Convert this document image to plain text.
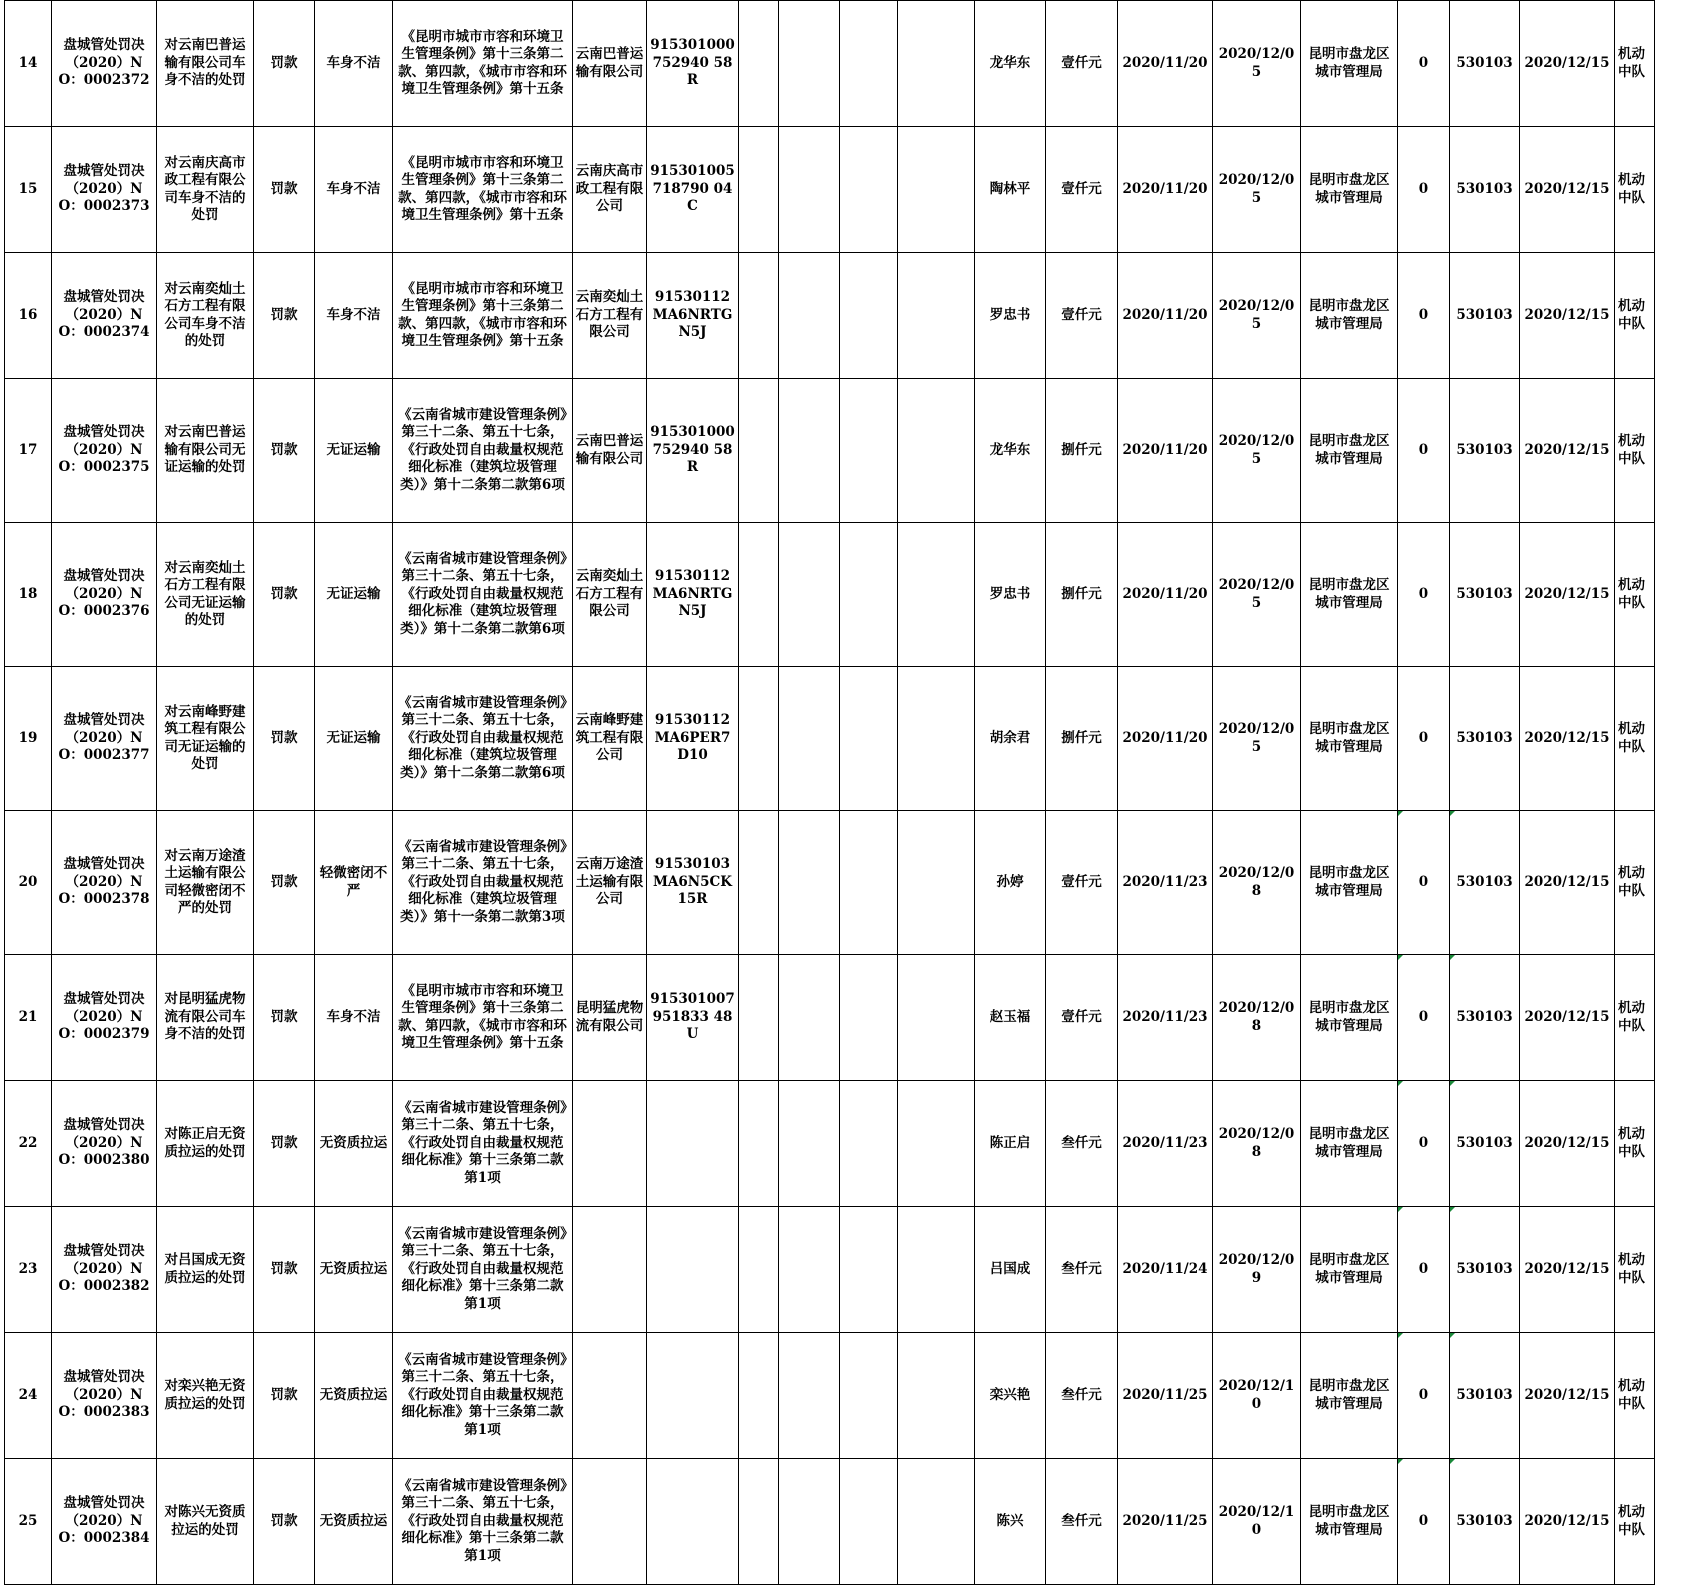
14	盘城管处罚决（2020）NO：0002372	对云南巴普运输有限公司车身不洁的处罚	罚款	车身不洁	《昆明市城市市容和环境卫生管理条例》第十三条第二款、第四款，《城市市容和环境卫生管理条例》第十五条	云南巴普运输有限公司	915301000752940 58R					龙华东	壹仟元	2020/11/20	2020/12/05	昆明市盘龙区城市管理局	0	530103	2020/12/15	机动中队
15	盘城管处罚决（2020）NO：0002373	对云南庆高市政工程有限公司车身不洁的处罚	罚款	车身不洁	《昆明市城市市容和环境卫生管理条例》第十三条第二款、第四款，《城市市容和环境卫生管理条例》第十五条	云南庆高市政工程有限公司	915301005718790 04C					陶林平	壹仟元	2020/11/20	2020/12/05	昆明市盘龙区城市管理局	0	530103	2020/12/15	机动中队
16	盘城管处罚决（2020）NO：0002374	对云南奕灿土石方工程有限公司车身不洁的处罚	罚款	车身不洁	《昆明市城市市容和环境卫生管理条例》第十三条第二款、第四款，《城市市容和环境卫生管理条例》第十五条	云南奕灿土石方工程有限公司	91530112MA6NRTGN5J					罗忠书	壹仟元	2020/11/20	2020/12/05	昆明市盘龙区城市管理局	0	530103	2020/12/15	机动中队
17	盘城管处罚决（2020）NO：0002375	对云南巴普运输有限公司无证运输的处罚	罚款	无证运输	《云南省城市建设管理条例》第三十二条、第五十七条，《行政处罚自由裁量权规范细化标准（建筑垃圾管理类）》第十二条第二款第6项	云南巴普运输有限公司	915301000752940 58R					龙华东	捌仟元	2020/11/20	2020/12/05	昆明市盘龙区城市管理局	0	530103	2020/12/15	机动中队
18	盘城管处罚决（2020）NO：0002376	对云南奕灿土石方工程有限公司无证运输的处罚	罚款	无证运输	《云南省城市建设管理条例》第三十二条、第五十七条，《行政处罚自由裁量权规范细化标准（建筑垃圾管理类）》第十二条第二款第6项	云南奕灿土石方工程有限公司	91530112MA6NRTGN5J					罗忠书	捌仟元	2020/11/20	2020/12/05	昆明市盘龙区城市管理局	0	530103	2020/12/15	机动中队
19	盘城管处罚决（2020）NO：0002377	对云南峰野建筑工程有限公司无证运输的处罚	罚款	无证运输	《云南省城市建设管理条例》第三十二条、第五十七条，《行政处罚自由裁量权规范细化标准（建筑垃圾管理类）》第十二条第二款第6项	云南峰野建筑工程有限公司	91530112MA6PER7D10					胡余君	捌仟元	2020/11/20	2020/12/05	昆明市盘龙区城市管理局	0	530103	2020/12/15	机动中队
20	盘城管处罚决（2020）NO：0002378	对云南万途渣土运输有限公司轻微密闭不严的处罚	罚款	轻微密闭不严	《云南省城市建设管理条例》第三十二条、第五十七条，《行政处罚自由裁量权规范细化标准（建筑垃圾管理类）》第十一条第二款第3项	云南万途渣土运输有限公司	91530103MA6N5CK15R					孙婷	壹仟元	2020/11/23	2020/12/08	昆明市盘龙区城市管理局	0	530103	2020/12/15	机动中队
21	盘城管处罚决（2020）NO：0002379	对昆明猛虎物流有限公司车身不洁的处罚	罚款	车身不洁	《昆明市城市市容和环境卫生管理条例》第十三条第二款、第四款，《城市市容和环境卫生管理条例》第十五条	昆明猛虎物流有限公司	915301007951833 48U					赵玉福	壹仟元	2020/11/23	2020/12/08	昆明市盘龙区城市管理局	0	530103	2020/12/15	机动中队
22	盘城管处罚决（2020）NO：0002380	对陈正启无资质拉运的处罚	罚款	无资质拉运	《云南省城市建设管理条例》第三十二条、第五十七条，《行政处罚自由裁量权规范细化标准》第十三条第二款第1项							陈正启	叁仟元	2020/11/23	2020/12/08	昆明市盘龙区城市管理局	0	530103	2020/12/15	机动中队
23	盘城管处罚决（2020）NO：0002382	对吕国成无资质拉运的处罚	罚款	无资质拉运	《云南省城市建设管理条例》第三十二条、第五十七条，《行政处罚自由裁量权规范细化标准》第十三条第二款第1项							吕国成	叁仟元	2020/11/24	2020/12/09	昆明市盘龙区城市管理局	0	530103	2020/12/15	机动中队
24	盘城管处罚决（2020）NO：0002383	对栾兴艳无资质拉运的处罚	罚款	无资质拉运	《云南省城市建设管理条例》第三十二条、第五十七条，《行政处罚自由裁量权规范细化标准》第十三条第二款第1项							栾兴艳	叁仟元	2020/11/25	2020/12/10	昆明市盘龙区城市管理局	0	530103	2020/12/15	机动中队
25	盘城管处罚决（2020）NO：0002384	对陈兴无资质拉运的处罚	罚款	无资质拉运	《云南省城市建设管理条例》第三十二条、第五十七条，《行政处罚自由裁量权规范细化标准》第十三条第二款第1项							陈兴	叁仟元	2020/11/25	2020/12/10	昆明市盘龙区城市管理局	0	530103	2020/12/15	机动中队
